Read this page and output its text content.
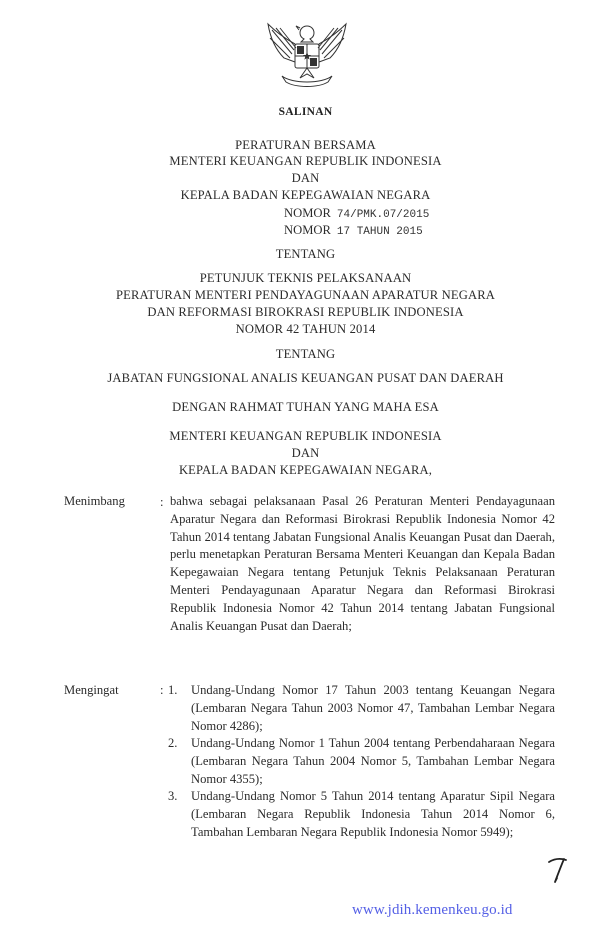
SALINAN
PERATURAN BERSAMA
MENTERI KEUANGAN REPUBLIK INDONESIA
DAN
KEPALA BADAN KEPEGAWAIAN NEGARA
NOMOR 74/PMK.07/2015
NOMOR 17 TAHUN 2015
TENTANG
PETUNJUK TEKNIS PELAKSANAAN
PERATURAN MENTERI PENDAYAGUNAAN APARATUR NEGARA
DAN REFORMASI BIROKRASI REPUBLIK INDONESIA
NOMOR 42 TAHUN 2014
TENTANG
JABATAN FUNGSIONAL ANALIS KEUANGAN PUSAT DAN DAERAH
DENGAN RAHMAT TUHAN YANG MAHA ESA
MENTERI KEUANGAN REPUBLIK INDONESIA
DAN
KEPALA BADAN KEPEGAWAIAN NEGARA,
Menimbang	: bahwa sebagai pelaksanaan Pasal 26 Peraturan Menteri Pendayagunaan Aparatur Negara dan Reformasi Birokrasi Republik Indonesia Nomor 42 Tahun 2014 tentang Jabatan Fungsional Analis Keuangan Pusat dan Daerah, perlu menetapkan Peraturan Bersama Menteri Keuangan dan Kepala Badan Kepegawaian Negara tentang Petunjuk Teknis Pelaksanaan Peraturan Menteri Pendayagunaan Aparatur Negara dan Reformasi Birokrasi Republik Indonesia Nomor 42 Tahun 2014 tentang Jabatan Fungsional Analis Keuangan Pusat dan Daerah;
Mengingat	: 1. Undang-Undang Nomor 17 Tahun 2003 tentang Keuangan Negara (Lembaran Negara Tahun 2003 Nomor 47, Tambahan Lembar Negara Nomor 4286);
2. Undang-Undang Nomor 1 Tahun 2004 tentang Perbendaharaan Negara (Lembaran Negara Tahun 2004 Nomor 5, Tambahan Lembar Negara Nomor 4355);
3. Undang-Undang Nomor 5 Tahun 2014 tentang Aparatur Sipil Negara (Lembaran Negara Republik Indonesia Tahun 2014 Nomor 6, Tambahan Lembaran Negara Republik Indonesia Nomor 5949);
www.jdih.kemenkeu.go.id
